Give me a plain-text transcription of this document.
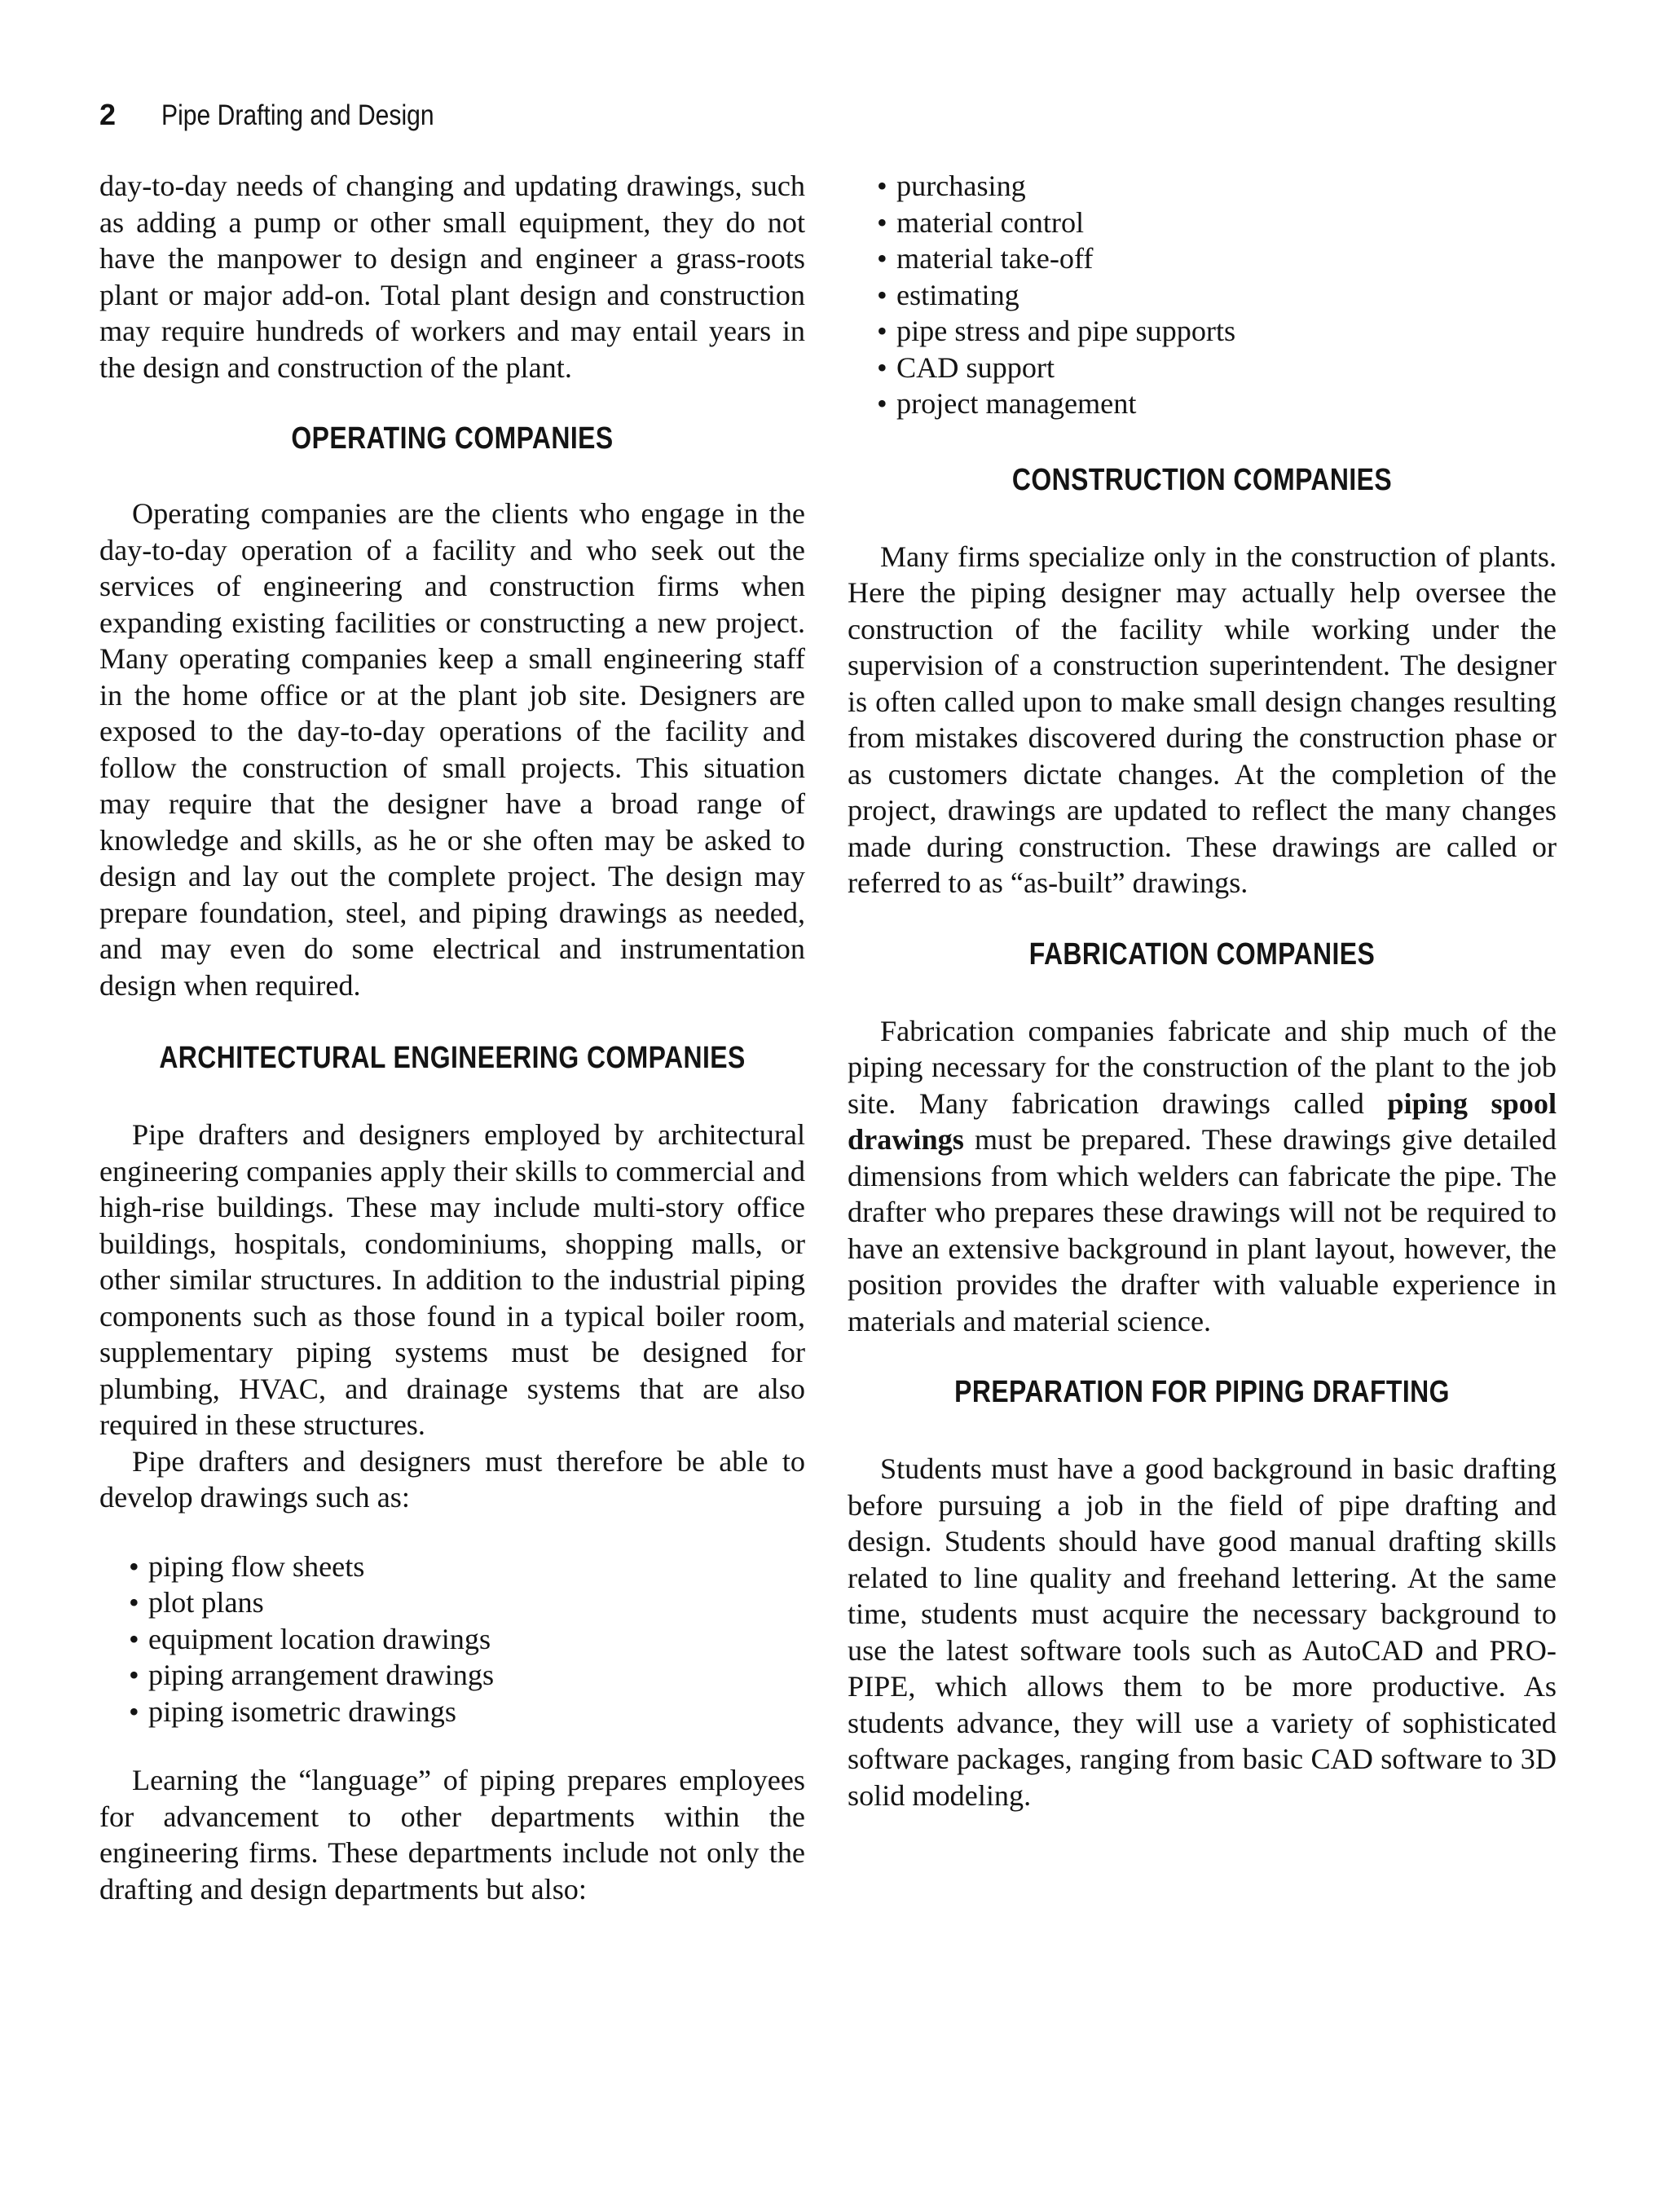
2 Pipe Drafting and Design

day-to-day needs of changing and updating drawings, such as adding a pump or other small equipment, they do not have the manpower to design and engineer a grass-roots plant or major add-on. Total plant design and construction may require hundreds of workers and may entail years in the design and construction of the plant.

OPERATING COMPANIES

Operating companies are the clients who engage in the day-to-day operation of a facility and who seek out the services of engineering and construction firms when expanding existing facilities or constructing a new project. Many operating companies keep a small engineering staff in the home office or at the plant job site. Designers are exposed to the day-to-day operations of the facility and follow the construction of small projects. This situation may require that the designer have a broad range of knowledge and skills, as he or she often may be asked to design and lay out the complete project. The design may prepare foundation, steel, and piping drawings as needed, and may even do some electrical and instrumentation design when required.

ARCHITECTURAL ENGINEERING COMPANIES

Pipe drafters and designers employed by architectural engineering companies apply their skills to commercial and high-rise buildings. These may include multi-story office buildings, hospitals, condominiums, shopping malls, or other similar structures. In addition to the industrial piping components such as those found in a typical boiler room, supplementary piping systems must be designed for plumbing, HVAC, and drainage systems that are also required in these structures.

Pipe drafters and designers must therefore be able to develop drawings such as:

• piping flow sheets
• plot plans
• equipment location drawings
• piping arrangement drawings
• piping isometric drawings

Learning the “language” of piping prepares employees for advancement to other departments within the engineering firms. These departments include not only the drafting and design departments but also:

• purchasing
• material control
• material take-off
• estimating
• pipe stress and pipe supports
• CAD support
• project management
CONSTRUCTION COMPANIES

Many firms specialize only in the construction of plants. Here the piping designer may actually help oversee the construction of the facility while working under the supervision of a construction superintendent. The designer is often called upon to make small design changes resulting from mistakes discovered during the construction phase or as customers dictate changes. At the completion of the project, drawings are updated to reflect the many changes made during construction. These drawings are called or referred to as “as-built” drawings.

FABRICATION COMPANIES

Fabrication companies fabricate and ship much of the piping necessary for the construction of the plant to the job site. Many fabrication drawings called piping spool drawings must be prepared. These drawings give detailed dimensions from which welders can fabricate the pipe. The drafter who prepares these drawings will not be required to have an extensive background in plant layout, however, the position provides the drafter with valuable experience in materials and material science.

PREPARATION FOR PIPING DRAFTING

Students must have a good background in basic drafting before pursuing a job in the field of pipe drafting and design. Students should have good manual drafting skills related to line quality and freehand lettering. At the same time, students must acquire the necessary background to use the latest software tools such as AutoCAD and PRO-PIPE, which allows them to be more productive. As students advance, they will use a variety of sophisticated software packages, ranging from basic CAD software to 3D solid modeling.
